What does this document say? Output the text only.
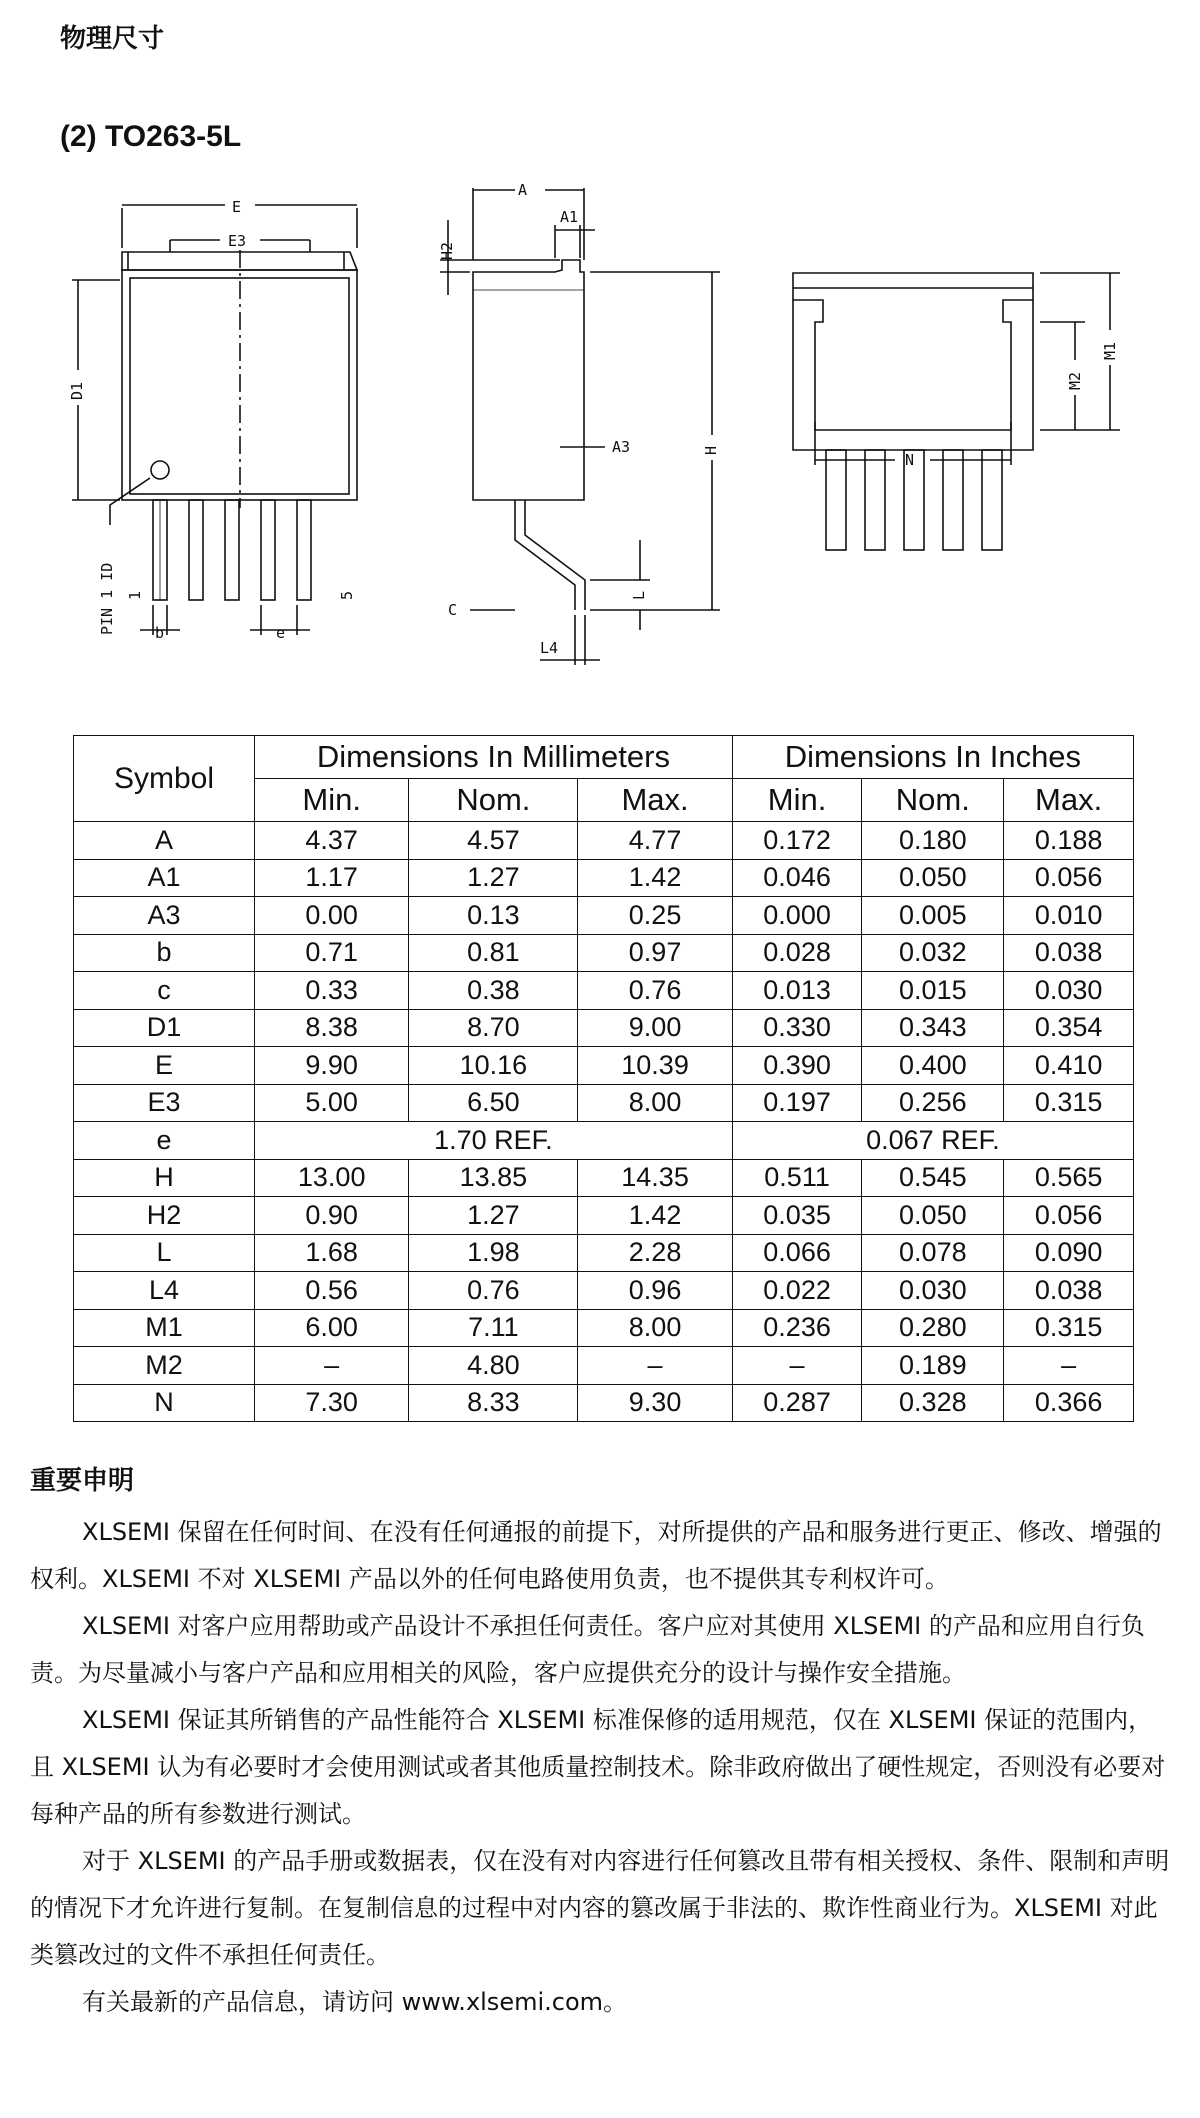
物理尺寸
(2) TO263-5L
E
E3
D1
PIN 1 ID 1	5
b	e
A
A1
H2
A3	H
L
C
L4
M1
M2
N
Symbol	Dimensions In Millimeters			Dimensions In Inches		
	Min.	Nom.	Max.	Min.	Nom.	Max.
A	4.37	4.57	4.77	0.172	0.180	0.188
A1	1.17	1.27	1.42	0.046	0.050	0.056
A3	0.00	0.13	0.25	0.000	0.005	0.010
b	0.71	0.81	0.97	0.028	0.032	0.038
c	0.33	0.38	0.76	0.013	0.015	0.030
D1	8.38	8.70	9.00	0.330	0.343	0.354
E	9.90	10.16	10.39	0.390	0.400	0.410
E3	5.00	6.50	8.00	0.197	0.256	0.315
e	1.70 REF.			0.067 REF.		
H	13.00	13.85	14.35	0.511	0.545	0.565
H2	0.90	1.27	1.42	0.035	0.050	0.056
L	1.68	1.98	2.28	0.066	0.078	0.090
L4	0.56	0.76	0.96	0.022	0.030	0.038
M1	6.00	7.11	8.00	0.236	0.280	0.315
M2	–	4.80	–	–	0.189	–
N	7.30	8.33	9.30	0.287	0.328	0.366
重要申明

XLSEMI 保留在任何时间、在没有任何通报的前提下，对所提供的产品和服务进行更正、修改、增强的权利。XLSEMI 不对 XLSEMI 产品以外的任何电路使用负责，也不提供其专利权许可。

XLSEMI 对客户应用帮助或产品设计不承担任何责任。客户应对其使用 XLSEMI 的产品和应用自行负责。为尽量减小与客户产品和应用相关的风险，客户应提供充分的设计与操作安全措施。

XLSEMI 保证其所销售的产品性能符合 XLSEMI 标准保修的适用规范，仅在 XLSEMI 保证的范围内，且 XLSEMI 认为有必要时才会使用测试或者其他质量控制技术。除非政府做出了硬性规定，否则没有必要对每种产品的所有参数进行测试。

对于 XLSEMI 的产品手册或数据表，仅在没有对内容进行任何篡改且带有相关授权、条件、限制和声明的情况下才允许进行复制。在复制信息的过程中对内容的篡改属于非法的、欺诈性商业行为。XLSEMI 对此类篡改过的文件不承担任何责任。

有关最新的产品信息，请访问 www.xlsemi.com。
